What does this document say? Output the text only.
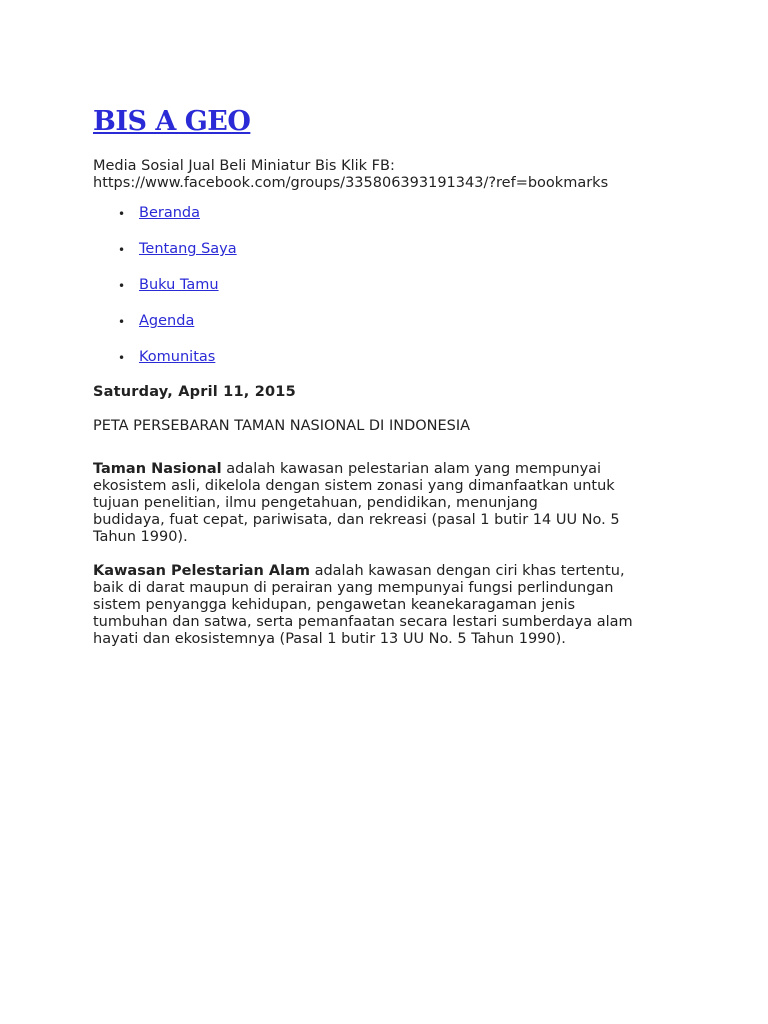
BIS A GEO

Media Sosial Jual Beli Miniatur Bis Klik FB:
https://www.facebook.com/groups/335806393191343/?ref=bookmarks

• Beranda
• Tentang Saya
• Buku Tamu
• Agenda
• Komunitas
Saturday, April 11, 2015
PETA PERSEBARAN TAMAN NASIONAL DI INDONESIA

Taman Nasional adalah kawasan pelestarian alam yang mempunyai
ekosistem asli, dikelola dengan sistem zonasi yang dimanfaatkan untuk
tujuan penelitian, ilmu pengetahuan, pendidikan, menunjang
budidaya, fuat cepat, pariwisata, dan rekreasi (pasal 1 butir 14 UU No. 5
Tahun 1990).

Kawasan Pelestarian Alam adalah kawasan dengan ciri khas tertentu,
baik di darat maupun di perairan yang mempunyai fungsi perlindungan
sistem penyangga kehidupan, pengawetan keanekaragaman jenis
tumbuhan dan satwa, serta pemanfaatan secara lestari sumberdaya alam
hayati dan ekosistemnya (Pasal 1 butir 13 UU No. 5 Tahun 1990).
